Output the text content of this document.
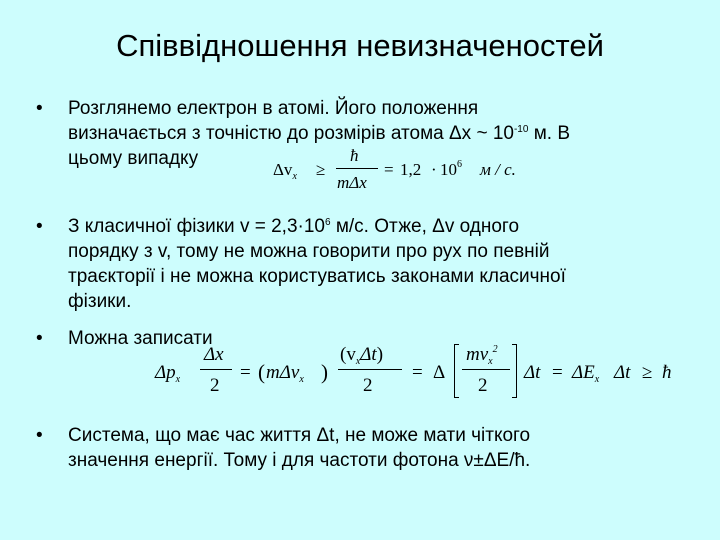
Співвідношення невизначеностей
• Розглянемо електрон в атомі. Його положення
визначається з точністю до розмірів атома Δx ~ $10^{-10}$ м. В
цьому випадку
$\Delta v_x$ ≥
ħ
mΔx
= $1,2 \cdot 10^6$ м / с.
• З класичної фізики $v = 2,3\cdot 10^6$ м/с. Отже, Δv одного
порядку з v, тому не можна говорити про рух по певній
траєкторії і не можна користуватись законами класичної
фізики.
• Можна записати
$\Delta p_x$
Δx
2
= ( mΔv$_x$ )
$(v_x\Delta t)$
2
= Δ
$mv_x^2$
2
$\Delta t = \Delta E_x$ Δt ≥ ħ
• Система, що має час життя Δt, не може мати чіткого
значення енергії. Тому і для частоти фотона ν±ΔE/ħ.
